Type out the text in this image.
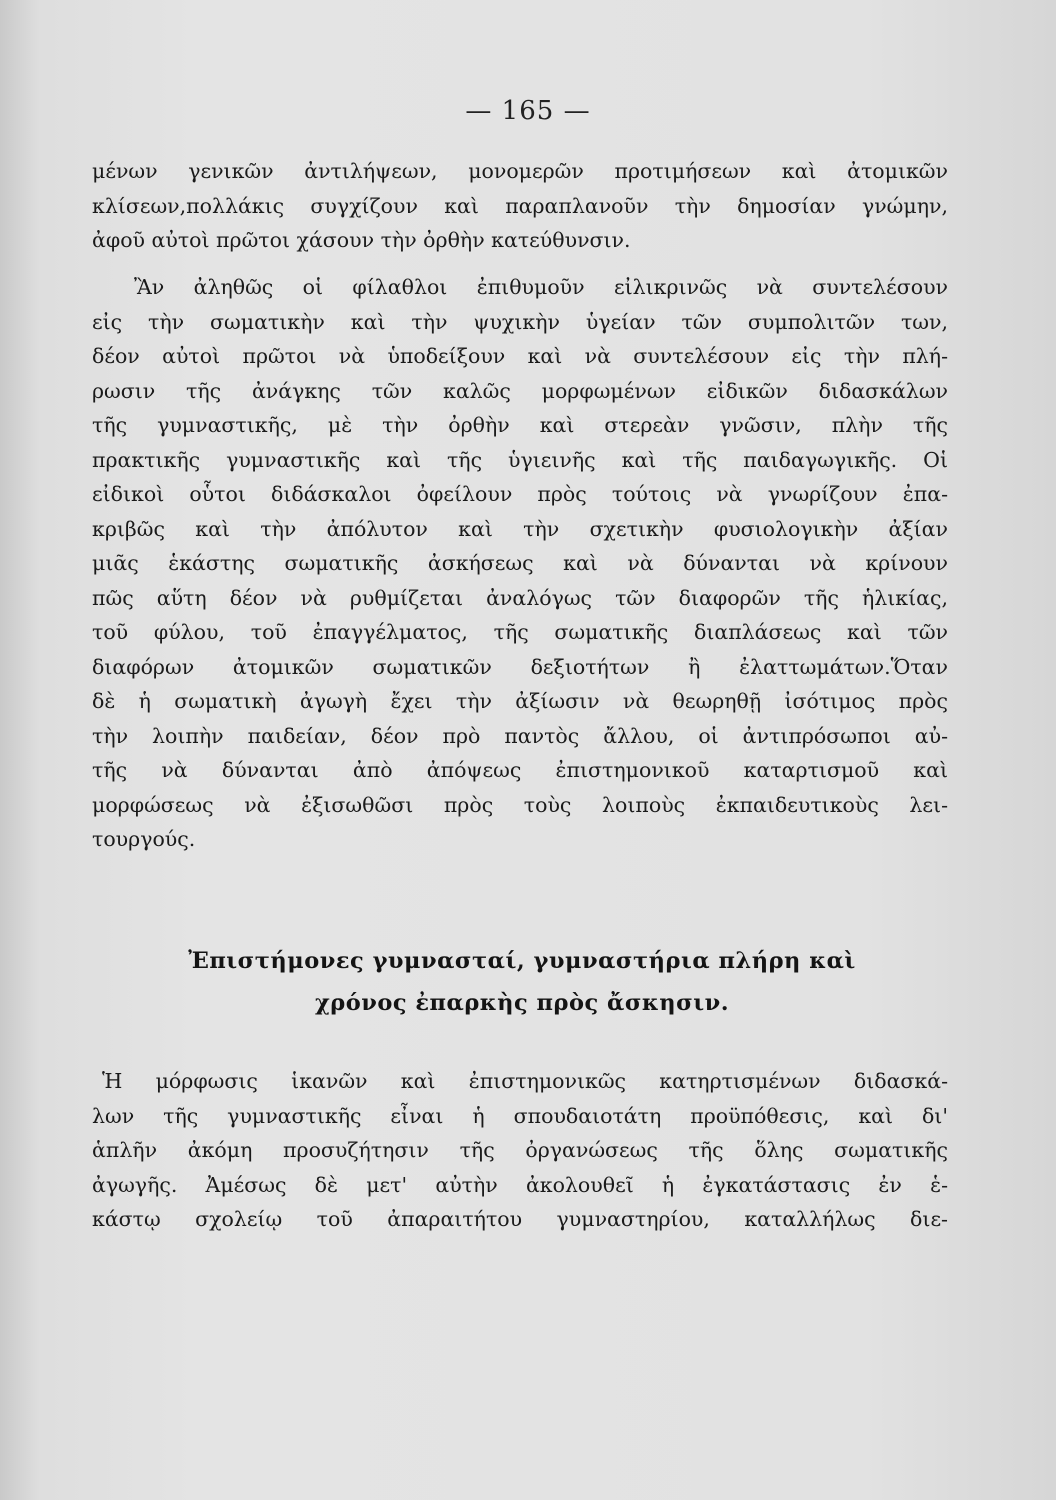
— 165 —
μένων γενικῶν ἀντιλήψεων, μονομερῶν προτιμήσεων καὶ ἀτομικῶν
κλίσεων,πολλάκις συγχίζουν καὶ παραπλανοῦν τὴν δημοσίαν γνώμην,
ἀφοῦ αὐτοὶ πρῶτοι χάσουν τὴν ὀρθὴν κατεύθυνσιν.
Ἂν ἀληθῶς οἱ φίλαθλοι ἐπιθυμοῦν εἰλικρινῶς νὰ συντελέσουν
εἰς τὴν σωματικὴν καὶ τὴν ψυχικὴν ὑγείαν τῶν συμπολιτῶν των,
δέον αὐτοὶ πρῶτοι νὰ ὑποδείξουν καὶ νὰ συντελέσουν εἰς τὴν πλή-
ρωσιν τῆς ἀνάγκης τῶν καλῶς μορφωμένων εἰδικῶν διδασκάλων
τῆς γυμναστικῆς, μὲ τὴν ὀρθὴν καὶ στερεὰν γνῶσιν, πλὴν τῆς
πρακτικῆς γυμναστικῆς καὶ τῆς ὑγιεινῆς καὶ τῆς παιδαγωγικῆς. Οἱ
εἰδικοὶ οὗτοι διδάσκαλοι ὀφείλουν πρὸς τούτοις νὰ γνωρίζουν ἐπα-
κριβῶς καὶ τὴν ἀπόλυτον καὶ τὴν σχετικὴν φυσιολογικὴν ἀξίαν
μιᾶς ἑκάστης σωματικῆς ἀσκήσεως καὶ νὰ δύνανται νὰ κρίνουν
πῶς αὕτη δέον νὰ ρυθμίζεται ἀναλόγως τῶν διαφορῶν τῆς ἡλικίας,
τοῦ φύλου, τοῦ ἐπαγγέλματος, τῆς σωματικῆς διαπλάσεως καὶ τῶν
διαφόρων ἀτομικῶν σωματικῶν δεξιοτήτων ἢ ἐλαττωμάτων.Ὅταν
δὲ ἡ σωματικὴ ἀγωγὴ ἔχει τὴν ἀξίωσιν νὰ θεωρηθῇ ἰσότιμος πρὸς
τὴν λοιπὴν παιδείαν, δέον πρὸ παντὸς ἄλλου, οἱ ἀντιπρόσωποι αὐ-
τῆς νὰ δύνανται ἀπὸ ἀπόψεως ἐπιστημονικοῦ καταρτισμοῦ καὶ
μορφώσεως νὰ ἐξισωθῶσι πρὸς τοὺς λοιποὺς ἐκπαιδευτικοὺς λει-
τουργούς.
Ἐπιστήμονες γυμνασταί, γυμναστήρια πλήρη καὶ
χρόνος ἐπαρκὴς πρὸς ἄσκησιν.
Ἡ μόρφωσις ἱκανῶν καὶ ἐπιστημονικῶς κατηρτισμένων διδασκά-
λων τῆς γυμναστικῆς εἶναι ἡ σπουδαιοτάτη προϋπόθεσις, καὶ δι'
ἁπλῆν ἀκόμη προσυζήτησιν τῆς ὀργανώσεως τῆς ὅλης σωματικῆς
ἀγωγῆς. Ἀμέσως δὲ μετ' αὐτὴν ἀκολουθεῖ ἡ ἐγκατάστασις ἐν ἑ-
κάστῳ σχολείῳ τοῦ ἀπαραιτήτου γυμναστηρίου, καταλλήλως διε-
